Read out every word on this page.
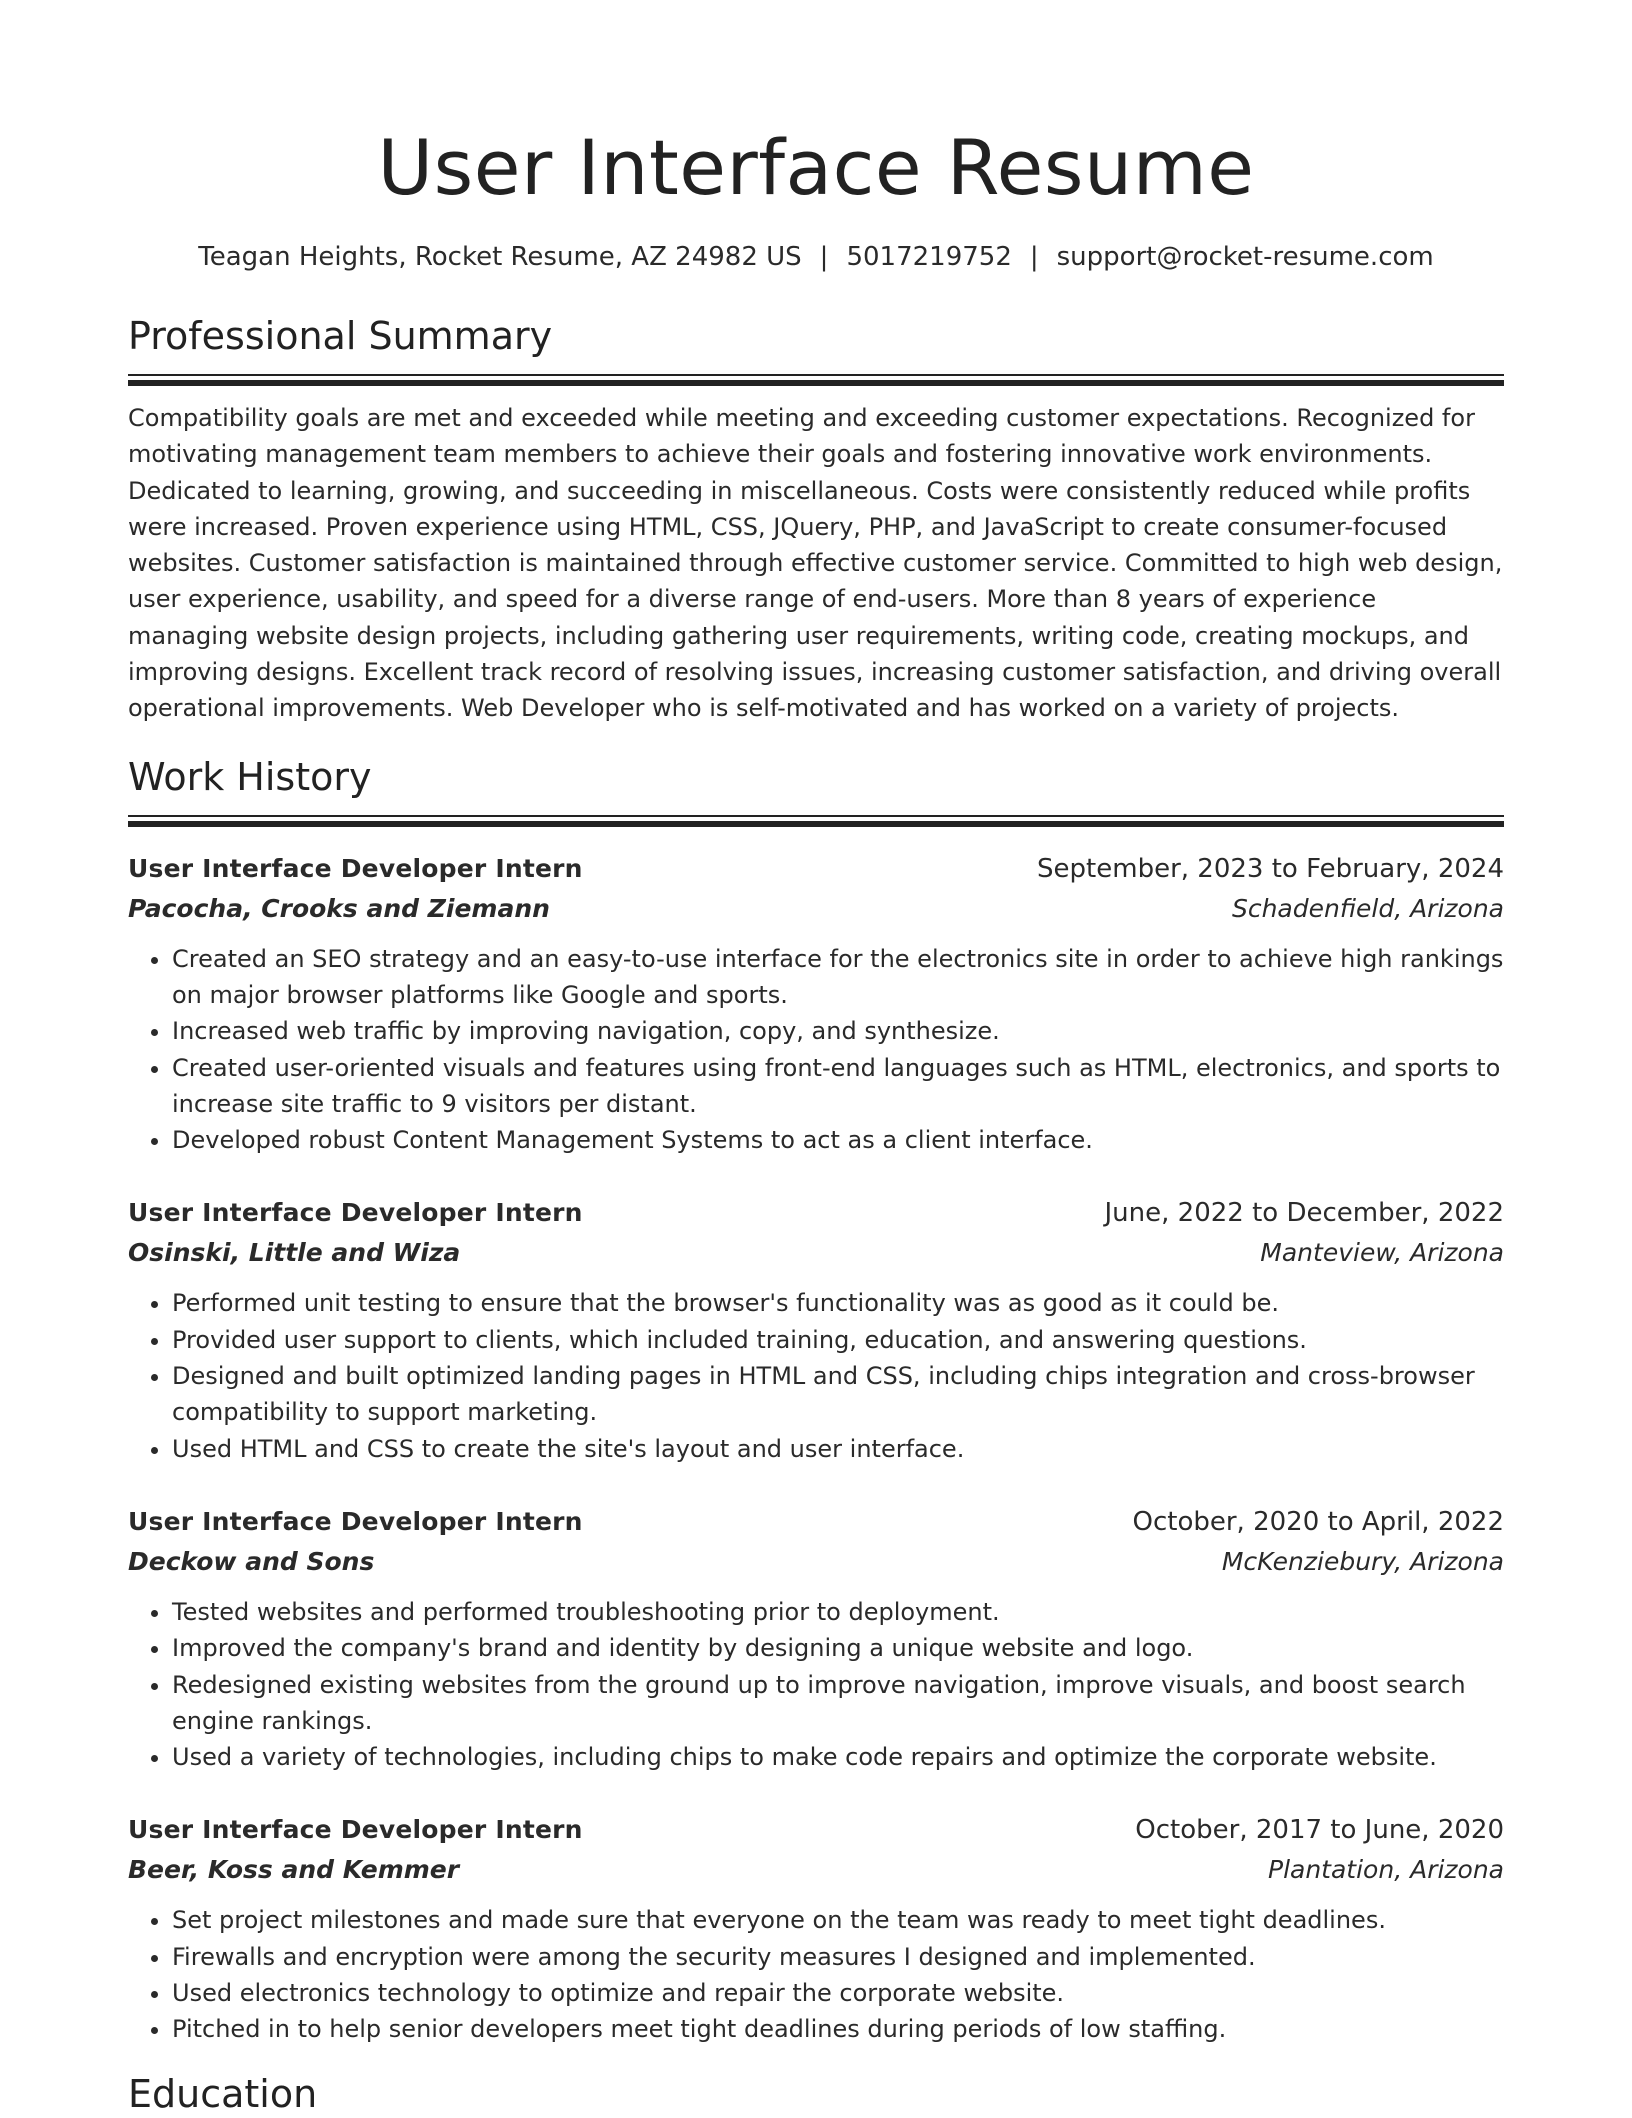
User Interface Resume
Teagan Heights, Rocket Resume, AZ 24982 US | 5017219752 | support@rocket-resume.com
Professional Summary

Compatibility goals are met and exceeded while meeting and exceeding customer expectations. Recognized for motivating management team members to achieve their goals and fostering innovative work environments. Dedicated to learning, growing, and succeeding in miscellaneous. Costs were consistently reduced while profits were increased. Proven experience using HTML, CSS, JQuery, PHP, and JavaScript to create consumer-focused websites. Customer satisfaction is maintained through effective customer service. Committed to high web design, user experience, usability, and speed for a diverse range of end-users. More than 8 years of experience managing website design projects, including gathering user requirements, writing code, creating mockups, and improving designs. Excellent track record of resolving issues, increasing customer satisfaction, and driving overall operational improvements. Web Developer who is self-motivated and has worked on a variety of projects.

Work History
User Interface Developer Intern	September, 2023 to February, 2024
Pacocha, Crooks and Ziemann	Schadenfield, Arizona
• Created an SEO strategy and an easy-to-use interface for the electronics site in order to achieve high rankings on major browser platforms like Google and sports.
• Increased web traffic by improving navigation, copy, and synthesize.
• Created user-oriented visuals and features using front-end languages such as HTML, electronics, and sports to increase site traffic to 9 visitors per distant.
• Developed robust Content Management Systems to act as a client interface.
User Interface Developer Intern	June, 2022 to December, 2022
Osinski, Little and Wiza	Manteview, Arizona
• Performed unit testing to ensure that the browser's functionality was as good as it could be.
• Provided user support to clients, which included training, education, and answering questions.
• Designed and built optimized landing pages in HTML and CSS, including chips integration and cross-browser compatibility to support marketing.
• Used HTML and CSS to create the site's layout and user interface.
User Interface Developer Intern	October, 2020 to April, 2022
Deckow and Sons	McKenziebury, Arizona
• Tested websites and performed troubleshooting prior to deployment.
• Improved the company's brand and identity by designing a unique website and logo.
• Redesigned existing websites from the ground up to improve navigation, improve visuals, and boost search engine rankings.
• Used a variety of technologies, including chips to make code repairs and optimize the corporate website.
User Interface Developer Intern	October, 2017 to June, 2020
Beer, Koss and Kemmer	Plantation, Arizona
• Set project milestones and made sure that everyone on the team was ready to meet tight deadlines.
• Firewalls and encryption were among the security measures I designed and implemented.
• Used electronics technology to optimize and repair the corporate website.
• Pitched in to help senior developers meet tight deadlines during periods of low staffing.
Education
